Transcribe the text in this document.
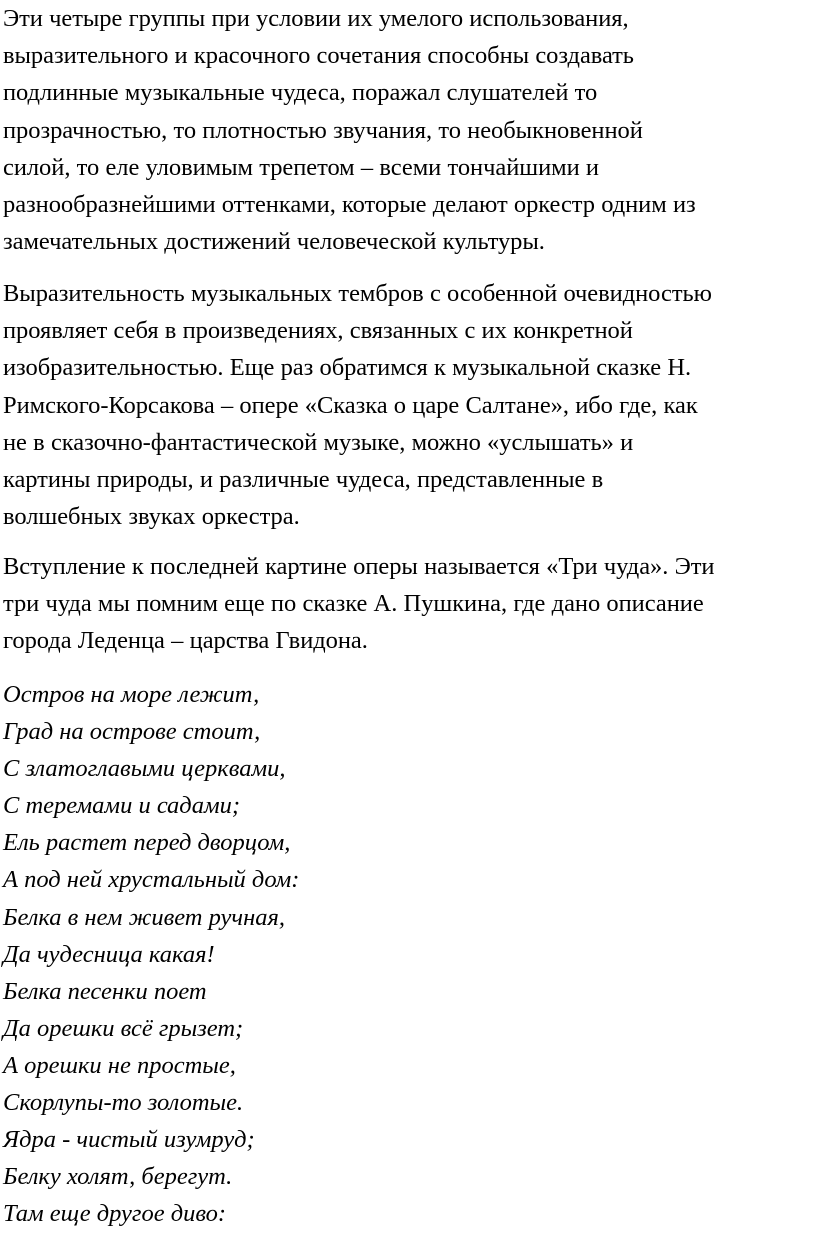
Эти четыре группы при условии их умелого использования,
выразительного и красочного сочетания способны создавать
подлинные музыкальные чудеса, поражал слушателей то
прозрачностью, то плотностью звучания, то необыкновенной
силой, то еле уловимым трепетом – всеми тончайшими и
разнообразнейшими оттенками, которые делают оркестр одним из
замечательных достижений человеческой культуры.

Выразительность музыкальных тембров с особенной очевидностью
проявляет себя в произведениях, связанных с их конкретной
изобразительностью. Еще раз обратимся к музыкальной сказке Н.
Римского-Корсакова – опере «Сказка о царе Салтане», ибо где, как
не в сказочно-фантастической музыке, можно «услышать» и
картины природы, и различные чудеса, представленные в
волшебных звуках оркестра.

Вступление к последней картине оперы называется «Три чуда». Эти
три чуда мы помним еще по сказке А. Пушкина, где дано описание
города Леденца – царства Гвидона.

Остров на море лежит,
Град на острове стоит,
С златоглавыми церквами,
С теремами и садами;
Ель растет перед дворцом,
А под ней хрустальный дом:
Белка в нем живет ручная,
Да чудесница какая!
Белка песенки поет
Да орешки всё грызет;
А орешки не простые,
Скорлупы-то золотые.
Ядра - чистый изумруд;
Белку холят, берегут.
Там еще другое диво:
